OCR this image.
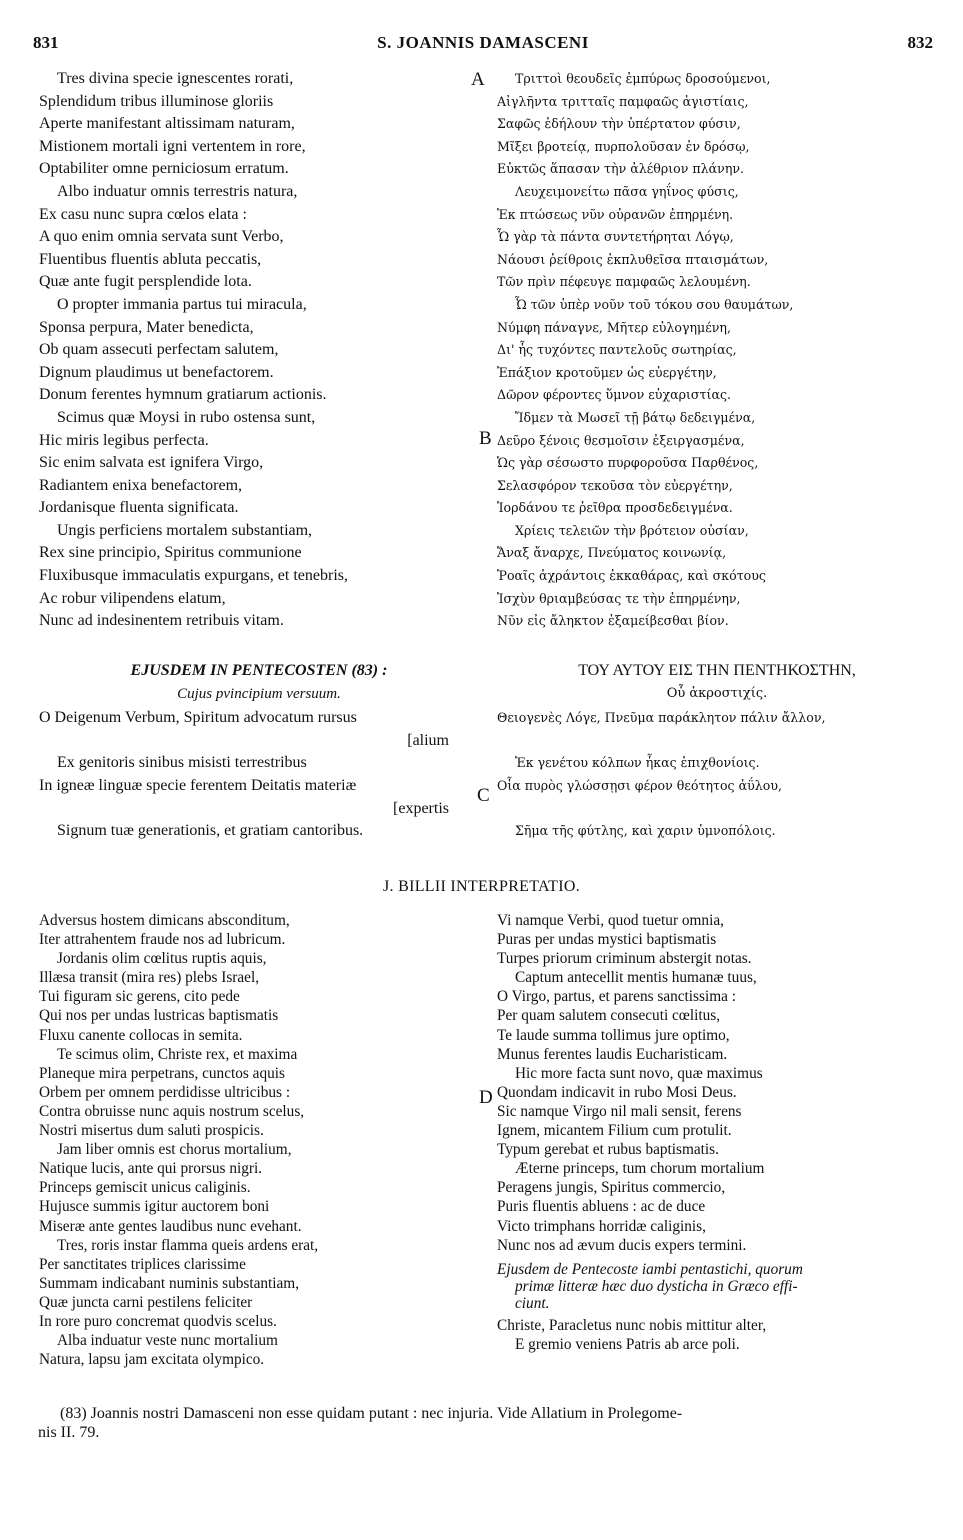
831	S. JOANNIS DAMASCENI	832
Tres divina specie ignescentes rorati,
Splendidum tribus illuminose gloriis
Aperte manifestant altissimam naturam,
Mistionem mortali igni vertentem in rore,
Optabiliter omne perniciosum erratum.
Albo induatur omnis terrestris natura,
Ex casu nunc supra cœlos elata :
A quo enim omnia servata sunt Verbo,
Fluentibus fluentis abluta peccatis,
Quæ ante fugit persplendide lota.
O propter immania partus tui miracula,
Sponsa perpura, Mater benedicta,
Ob quam assecuti perfectam salutem,
Dignum plaudimus ut benefactorem.
Donum ferentes hymnum gratiarum actionis.
Scimus quæ Moysi in rubo ostensa sunt,
Hic miris legibus perfecta.
Sic enim salvata est ignifera Virgo,
Radiantem enixa benefactorem,
Jordanisque fluenta significata.
Ungis perficiens mortalem substantiam,
Rex sine principio, Spiritus communione
Fluxibusque immaculatis expurgans, et tenebris,
Ac robur vilipendens elatum,
Nunc ad indesinentem retribuis vitam.
Τριττοὶ θεουδεῖς ἐμπύρως δροσούμενοι,
Αἰγλῆντα τριτταῖς παμφαῶς ἀγιστίαις,
Σαφῶς ἐδήλουν τὴν ὑπέρτατον φύσιν,
Μῖξει βροτείᾳ, πυρπολοῦσαν ἐν δρόσῳ,
Εὐκτῶς ἅπασαν τὴν ἀλέθριον πλάνην.
Λευχειμονείτω πᾶσα γηΐνος φύσις,
Ἐκ πτώσεως νῦν οὐρανῶν ἐπηρμένη.
Ὧ γὰρ τὰ πάντα συντετήρηται Λόγῳ,
Νάουσι ῥείθροις ἐκπλυθεῖσα πταισμάτων,
Τῶν πρὶν πέφευγε παμφαῶς λελουμένη.
Ὦ τῶν ὑπὲρ νοῦν τοῦ τόκου σου θαυμάτων,
Νύμφη πάναγνε, Μῆτερ εὐλογημένη,
Δι' ἧς τυχόντες παντελοῦς σωτηρίας,
Ἐπάξιον κροτοῦμεν ὡς εὐεργέτην,
Δῶρον φέροντες ὕμνον εὐχαριστίας.
Ἴδμεν τὰ Μωσεῖ τῇ βάτῳ δεδειγμένα,
Δεῦρο ξένοις θεσμοῖσιν ἐξειργασμένα,
Ὡς γὰρ σέσωστο πυρφοροῦσα Παρθένος,
Σελασφόρον τεκοῦσα τὸν εὐεργέτην,
Ἰορδάνου τε ῥεῖθρα προσδεδειγμένα.
Χρίεις τελειῶν τὴν βρότειον οὐσίαν,
Ἄναξ ἄναρχε, Πνεύματος κοινωνίᾳ,
Ῥοαῖς ἀχράντοις ἐκκαθάρας, καὶ σκότους
Ἰσχὺν θριαμβεύσας τε τὴν ἐπηρμένην,
Νῦν εἰς ἄληκτον ἐξαμείβεσθαι βίον.
A
B
C
D
EJUSDEM IN PENTECOSTEN (83) :
Cujus pvincipium versuum.
O Deigenum Verbum, Spiritum advocatum rursus
[alium
Ex genitoris sinibus misisti terrestribus
In igneæ linguæ specie ferentem Deitatis materiæ
[expertis
Signum tuæ generationis, et gratiam cantoribus.
ΤΟΥ ΑΥΤΟΥ ΕΙΣ ΤΗΝ ΠΕΝΤΗΚΟΣΤΗΝ,
Οὗ ἀκροστιχίς.
Θειογενὲς Λόγε, Πνεῦμα παράκλητον πάλιν ἄλλον,
Ἐκ γενέτου κόλπων ἧκας ἐπιχθονίοις.
Οἷα πυρὸς γλώσσῃσι φέρον θεότητος ἀΰλου,
Σῆμα τῆς φύτλης, καὶ χαριν ὑμνοπόλοις.
J. BILLII INTERPRETATIO.
Adversus hostem dimicans absconditum,
Iter attrahentem fraude nos ad lubricum.
Jordanis olim cœlitus ruptis aquis,
Illæsa transit (mira res) plebs Israel,
Tui figuram sic gerens, cito pede
Qui nos per undas lustricas baptismatis
Fluxu canente collocas in semita.
Te scimus olim, Christe rex, et maxima
Planeque mira perpetrans, cunctos aquis
Orbem per omnem perdidisse ultricibus :
Contra obruisse nunc aquis nostrum scelus,
Nostri misertus dum saluti prospicis.
Jam liber omnis est chorus mortalium,
Natique lucis, ante qui prorsus nigri.
Princeps gemiscit unicus caliginis.
Hujusce summis igitur auctorem boni
Miseræ ante gentes laudibus nunc evehant.
Tres, roris instar flamma queis ardens erat,
Per sanctitates triplices clarissime
Summam indicabant numinis substantiam,
Quæ juncta carni pestilens feliciter
In rore puro concremat quodvis scelus.
Alba induatur veste nunc mortalium
Natura, lapsu jam excitata olympico.
Vi namque Verbi, quod tuetur omnia,
Puras per undas mystici baptismatis
Turpes priorum criminum abstergit notas.
Captum antecellit mentis humanæ tuus,
O Virgo, partus, et parens sanctissima :
Per quam salutem consecuti cœlitus,
Te laude summa tollimus jure optimo,
Munus ferentes laudis Eucharisticam.
Hic more facta sunt novo, quæ maximus
Quondam indicavit in rubo Mosi Deus.
Sic namque Virgo nil mali sensit, ferens
Ignem, micantem Filium cum protulit.
Typum gerebat et rubus baptismatis.
Æterne princeps, tum chorum mortalium
Peragens jungis, Spiritus commercio,
Puris fluentis abluens : ac de duce
Victo trimphans horridæ caliginis,
Nunc nos ad ævum ducis expers termini.
Ejusdem de Pentecoste iambi pentastichi, quorum
primæ litteræ hæc duo dysticha in Græco effi-
ciunt.
Christe, Paracletus nunc nobis mittitur alter,
E gremio veniens Patris ab arce poli.
(83) Joannis nostri Damasceni non esse quidam putant : nec injuria. Vide Allatium in Prolegome-
nis II. 79.
